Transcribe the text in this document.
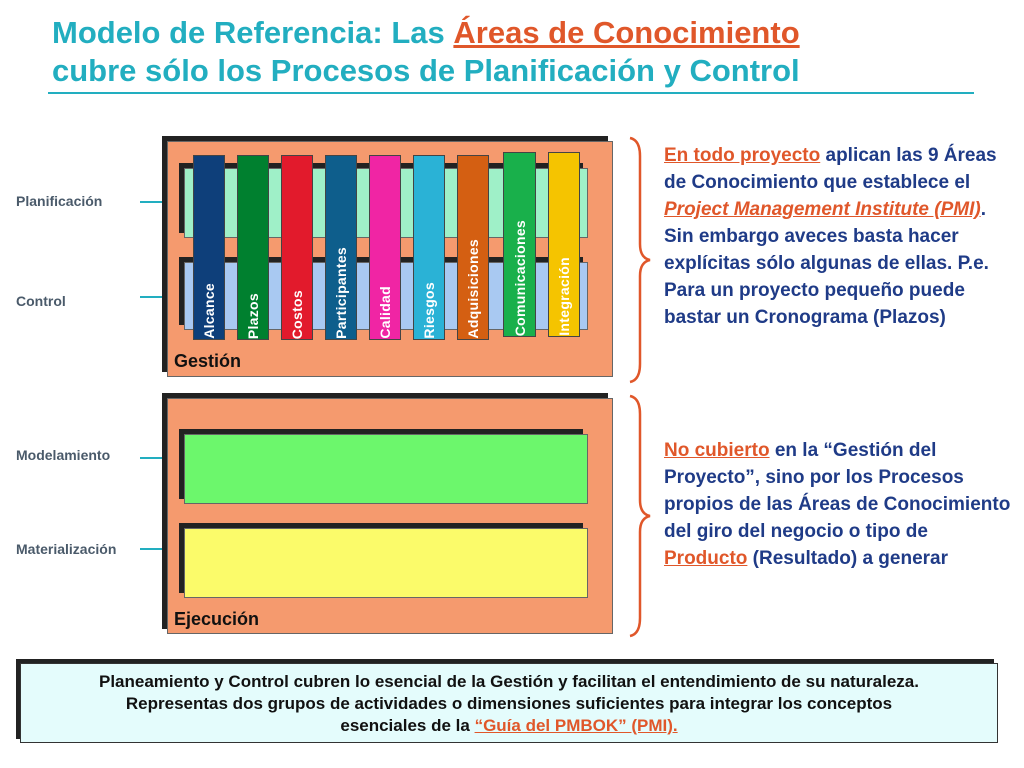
Modelo de Referencia: Las Áreas de Conocimiento
cubre sólo los Procesos de Planificación y Control
Planificación
Control
Modelamiento
Materialización
Gestión
Alcance Plazos Costos Participantes Calidad Riesgos Adquisiciones Comunicaciones Integración
Ejecución
En todo proyecto aplican las 9 Áreas de Conocimiento que establece el Project Management Institute (PMI). Sin embargo aveces basta hacer explícitas sólo algunas de ellas. P.e. Para un proyecto pequeño puede bastar un Cronograma (Plazos)
No cubierto en la “Gestión del Proyecto”, sino por los Procesos propios de las Áreas de Conocimiento del giro del negocio o tipo de Producto (Resultado) a generar
Planeamiento y Control cubren lo esencial de la Gestión y facilitan el entendimiento de su naturaleza.
Representas dos grupos de actividades o dimensiones suficientes para integrar los conceptos
esenciales de la “Guía del PMBOK” (PMI).
